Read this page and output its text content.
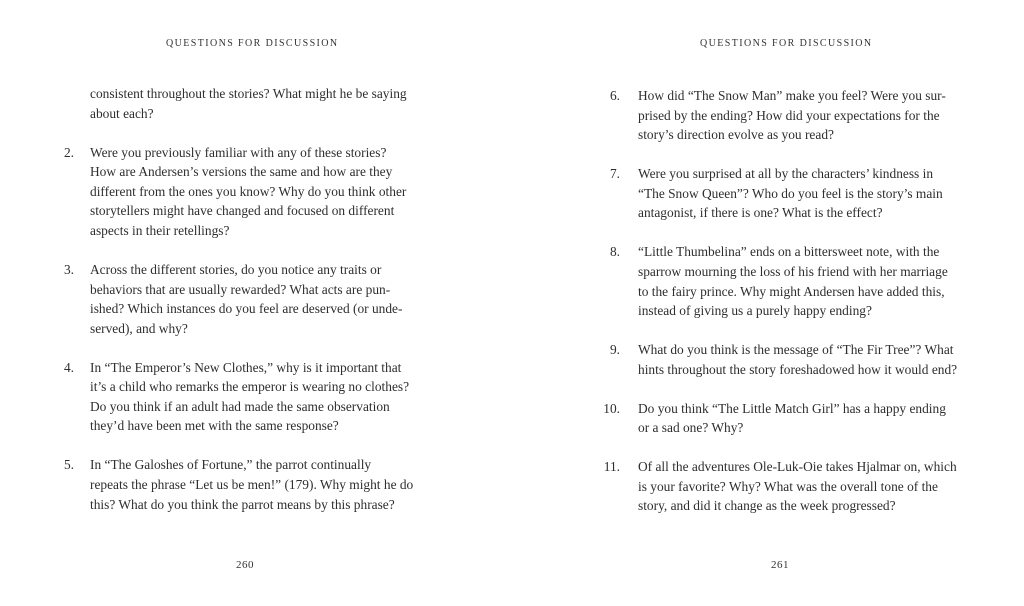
QUESTIONS FOR DISCUSSION
consistent throughout the stories? What might he be saying
about each?
2. Were you previously familiar with any of these stories?
How are Andersen’s versions the same and how are they
different from the ones you know? Why do you think other
storytellers might have changed and focused on different
aspects in their retellings?
3. Across the different stories, do you notice any traits or
behaviors that are usually rewarded? What acts are pun-
ished? Which instances do you feel are deserved (or unde-
served), and why?
4. In “The Emperor’s New Clothes,” why is it important that
it’s a child who remarks the emperor is wearing no clothes?
Do you think if an adult had made the same observation
they’d have been met with the same response?
5. In “The Galoshes of Fortune,” the parrot continually
repeats the phrase “Let us be men!” (179). Why might he do
this? What do you think the parrot means by this phrase?
260
QUESTIONS FOR DISCUSSION
6. How did “The Snow Man” make you feel? Were you sur-
prised by the ending? How did your expectations for the
story’s direction evolve as you read?
7. Were you surprised at all by the characters’ kindness in
“The Snow Queen”? Who do you feel is the story’s main
antagonist, if there is one? What is the effect?
8. “Little Thumbelina” ends on a bittersweet note, with the
sparrow mourning the loss of his friend with her marriage
to the fairy prince. Why might Andersen have added this,
instead of giving us a purely happy ending?
9. What do you think is the message of “The Fir Tree”? What
hints throughout the story foreshadowed how it would end?
10. Do you think “The Little Match Girl” has a happy ending
or a sad one? Why?
11. Of all the adventures Ole-Luk-Oie takes Hjalmar on, which
is your favorite? Why? What was the overall tone of the
story, and did it change as the week progressed?
261
